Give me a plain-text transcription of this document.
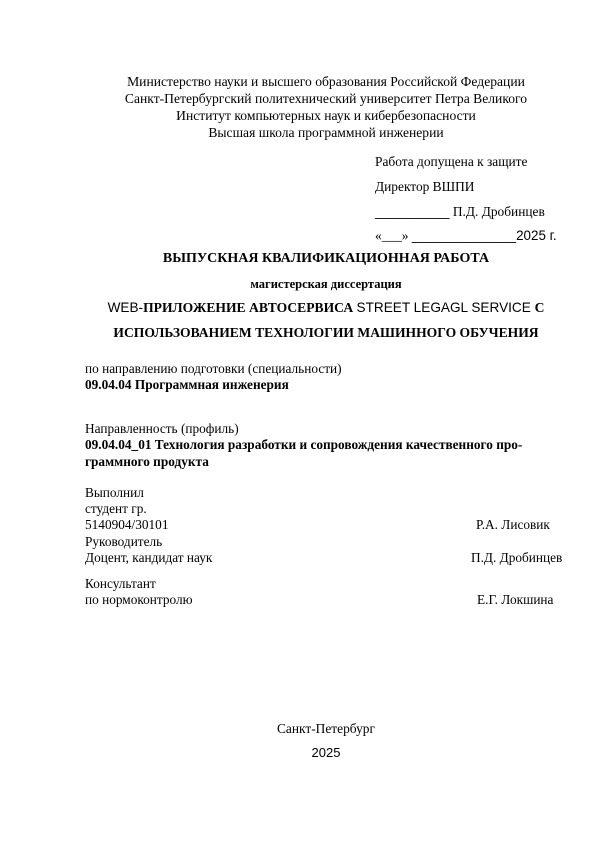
Министерство науки и высшего образования Российской Федерации
Санкт-Петербургский политехнический университет Петра Великого
Институт компьютерных наук и кибербезопасности
Высшая школа программной инженерии
Работа допущена к защите
Директор ВШПИ
__________ П.Д. Дробинцев
«___» ______________2025 г.
ВЫПУСКНАЯ КВАЛИФИКАЦИОННАЯ РАБОТА
магистерская диссертация
WEB-ПРИЛОЖЕНИЕ АВТОСЕРВИСА STREET LEGAGL SERVICE С
ИСПОЛЬЗОВАНИЕМ ТЕХНОЛОГИИ МАШИННОГО ОБУЧЕНИЯ
по направлению подготовки (специальности)
09.04.04 Программная инженерия
Направленность (профиль)
09.04.04_01 Технология разработки и сопровождения качественного про-
граммного продукта
Выполнил
студент гр.
5140904/30101	Р.А. Лисовик
Руководитель
Доцент, кандидат наук	П.Д. Дробинцев
Консультант
по нормоконтролю	Е.Г. Локшина
Санкт-Петербург
2025
